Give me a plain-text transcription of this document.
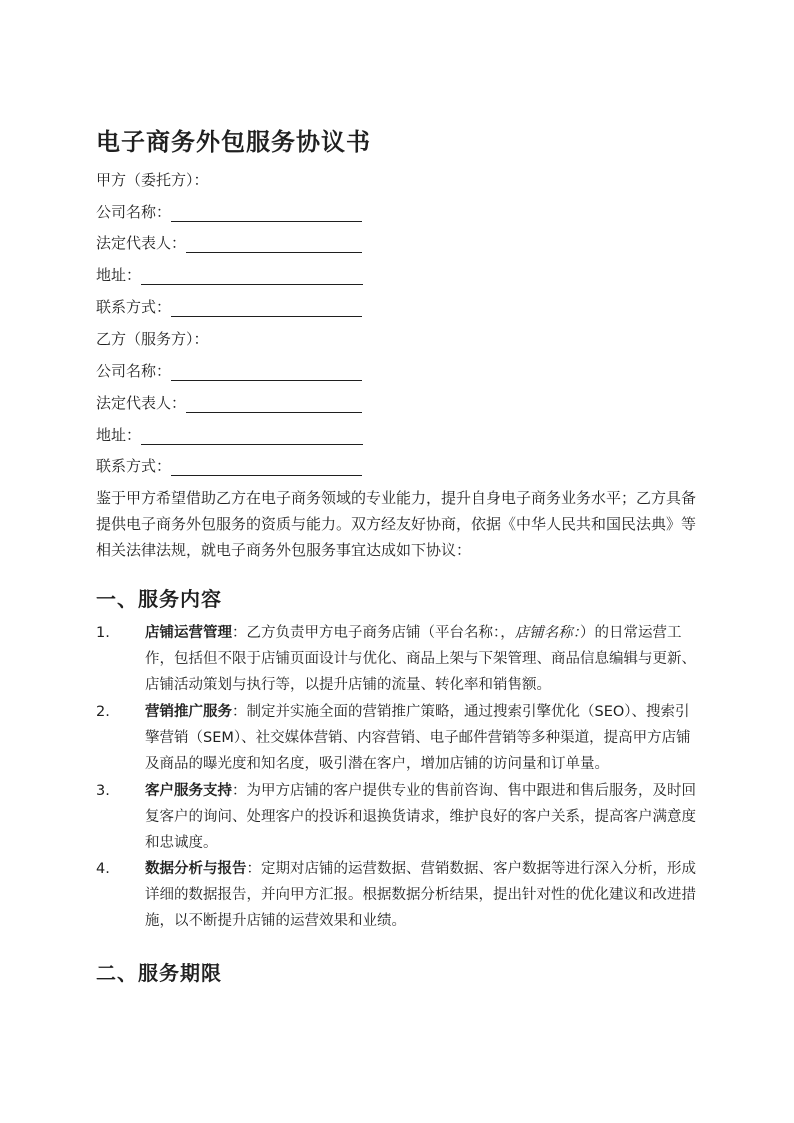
电子商务外包服务协议书
甲方（委托方）：
公司名称：
法定代表人：
地址：
联系方式：
乙方（服务方）：
公司名称：
法定代表人：
地址：
联系方式：

鉴于甲方希望借助乙方在电子商务领域的专业能力，提升自身电子商务业务水平；乙方具备提供电子商务外包服务的资质与能力。双方经友好协商，依据《中华人民共和国民法典》等相关法律法规，就电子商务外包服务事宜达成如下协议：

一、服务内容
1.	店铺运营管理：乙方负责甲方电子商务店铺（平台名称：，店铺名称：）的日常运营工作，包括但不限于店铺页面设计与优化、商品上架与下架管理、商品信息编辑与更新、店铺活动策划与执行等，以提升店铺的流量、转化率和销售额。
2.	营销推广服务：制定并实施全面的营销推广策略，通过搜索引擎优化（SEO）、搜索引擎营销（SEM）、社交媒体营销、内容营销、电子邮件营销等多种渠道，提高甲方店铺及商品的曝光度和知名度，吸引潜在客户，增加店铺的访问量和订单量。
3.	客户服务支持：为甲方店铺的客户提供专业的售前咨询、售中跟进和售后服务，及时回复客户的询问、处理客户的投诉和退换货请求，维护良好的客户关系，提高客户满意度和忠诚度。
4.	数据分析与报告：定期对店铺的运营数据、营销数据、客户数据等进行深入分析，形成详细的数据报告，并向甲方汇报。根据数据分析结果，提出针对性的优化建议和改进措施，以不断提升店铺的运营效果和业绩。
二、服务期限
